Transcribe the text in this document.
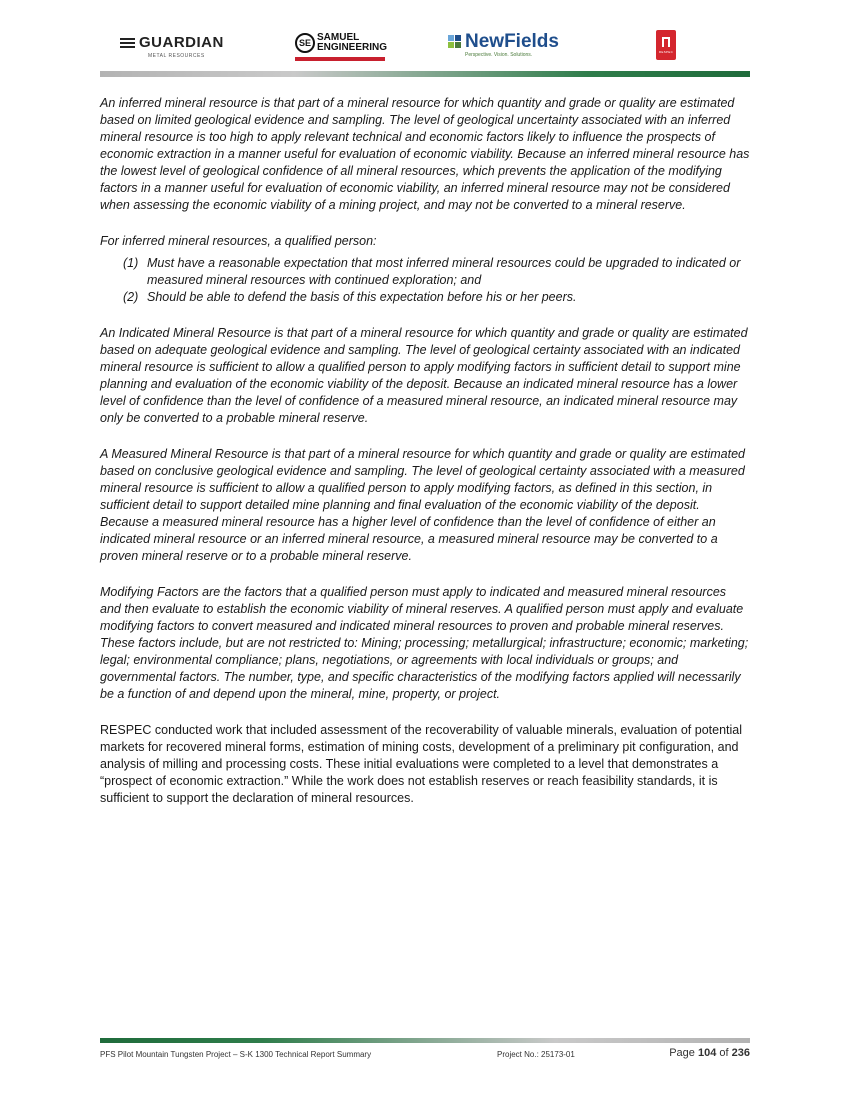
GUARDIAN
METAL RESOURCES
SE SAMUEL
ENGINEERING	NewFields
Perspective. Vision. Solutions.
RESPEC

An inferred mineral resource is that part of a mineral resource for which quantity and grade or quality are estimated based on limited geological evidence and sampling. The level of geological uncertainty associated with an inferred mineral resource is too high to apply relevant technical and economic factors likely to influence the prospects of economic extraction in a manner useful for evaluation of economic viability. Because an inferred mineral resource has the lowest level of geological confidence of all mineral resources, which prevents the application of the modifying factors in a manner useful for evaluation of economic viability, an inferred mineral resource may not be considered when assessing the economic viability of a mining project, and may not be converted to a mineral reserve.

For inferred mineral resources, a qualified person:

(1) Must have a reasonable expectation that most inferred mineral resources could be upgraded to indicated or measured mineral resources with continued exploration; and
(2) Should be able to defend the basis of this expectation before his or her peers.

An Indicated Mineral Resource is that part of a mineral resource for which quantity and grade or quality are estimated based on adequate geological evidence and sampling. The level of geological certainty associated with an indicated mineral resource is sufficient to allow a qualified person to apply modifying factors in sufficient detail to support mine planning and evaluation of the economic viability of the deposit. Because an indicated mineral resource has a lower level of confidence than the level of confidence of a measured mineral resource, an indicated mineral resource may only be converted to a probable mineral reserve.

A Measured Mineral Resource is that part of a mineral resource for which quantity and grade or quality are estimated based on conclusive geological evidence and sampling. The level of geological certainty associated with a measured mineral resource is sufficient to allow a qualified person to apply modifying factors, as defined in this section, in sufficient detail to support detailed mine planning and final evaluation of the economic viability of the deposit. Because a measured mineral resource has a higher level of confidence than the level of confidence of either an indicated mineral resource or an inferred mineral resource, a measured mineral resource may be converted to a proven mineral reserve or to a probable mineral reserve.

Modifying Factors are the factors that a qualified person must apply to indicated and measured mineral resources and then evaluate to establish the economic viability of mineral reserves. A qualified person must apply and evaluate modifying factors to convert measured and indicated mineral resources to proven and probable mineral reserves. These factors include, but are not restricted to: Mining; processing; metallurgical; infrastructure; economic; marketing; legal; environmental compliance; plans, negotiations, or agreements with local individuals or groups; and governmental factors. The number, type, and specific characteristics of the modifying factors applied will necessarily be a function of and depend upon the mineral, mine, property, or project.

RESPEC conducted work that included assessment of the recoverability of valuable minerals, evaluation of potential markets for recovered mineral forms, estimation of mining costs, development of a preliminary pit configuration, and analysis of milling and processing costs. These initial evaluations were completed to a level that demonstrates a “prospect of economic extraction.” While the work does not establish reserves or reach feasibility standards, it is sufficient to support the declaration of mineral resources.

PFS Pilot Mountain Tungsten Project – S-K 1300 Technical Report Summary	Project No.: 25173-01	Page 104 of 236
